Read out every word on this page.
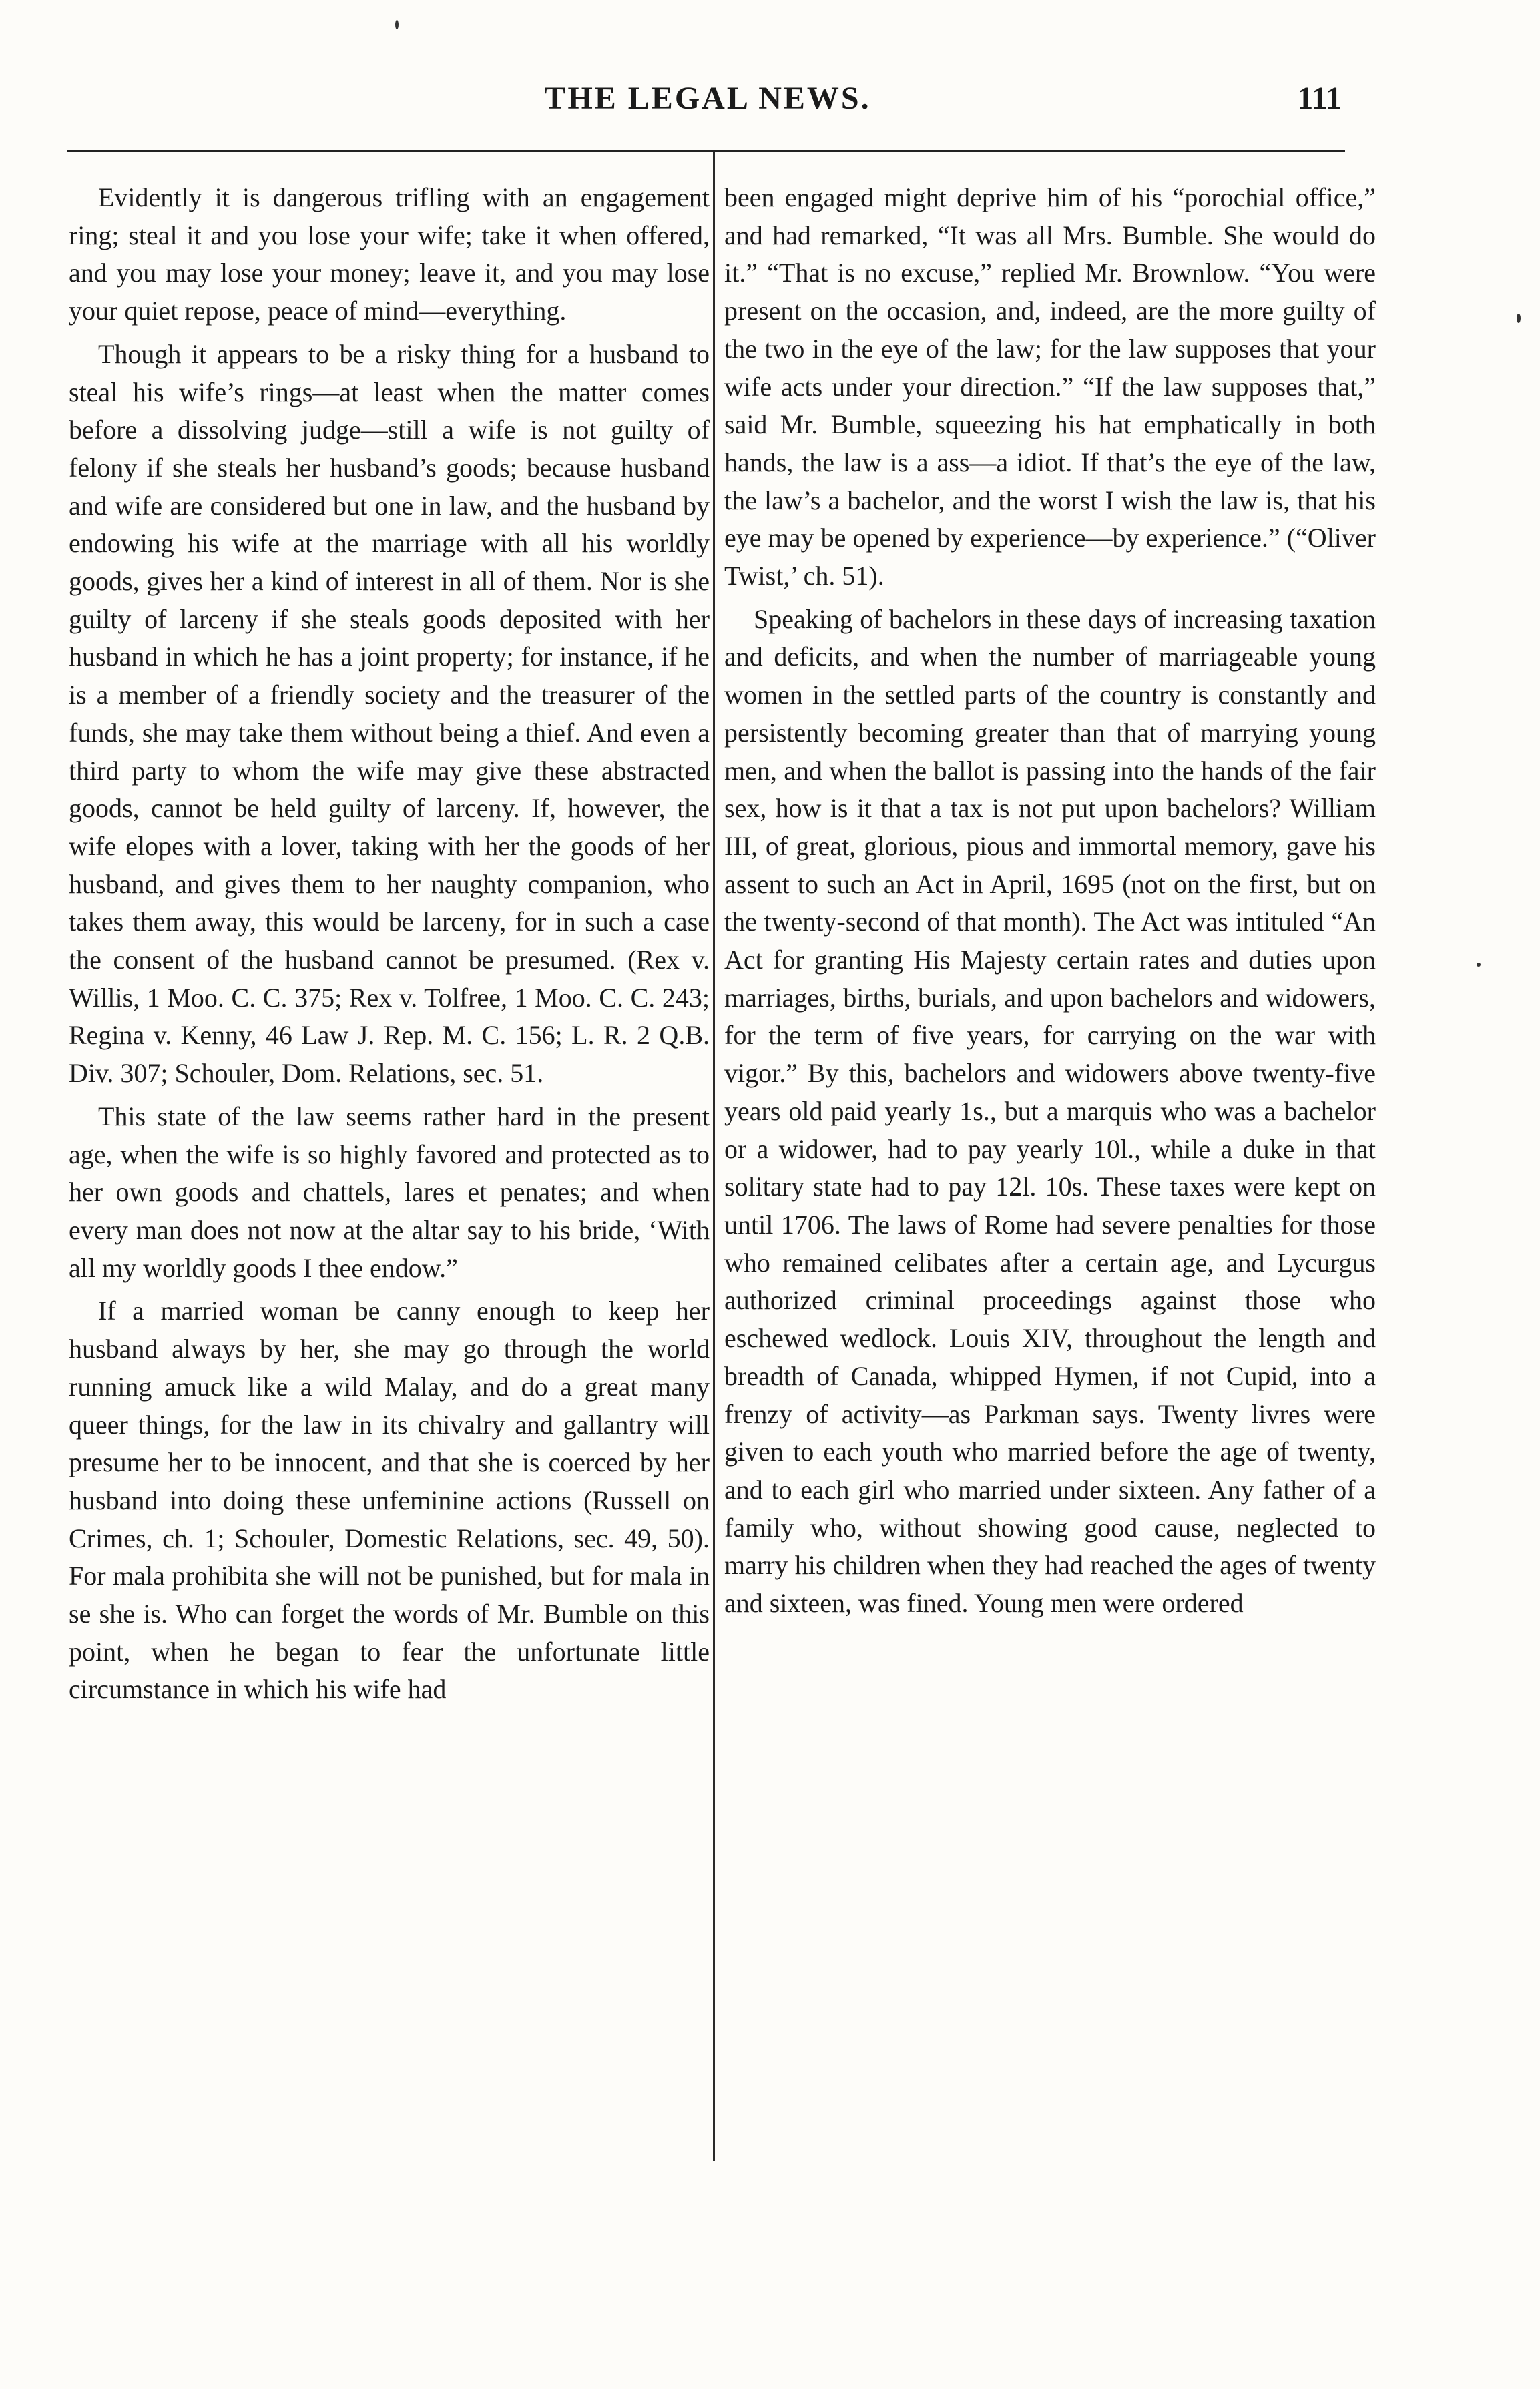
THE LEGAL NEWS.	111

Evidently it is dangerous trifling with an engagement ring; steal it and you lose your wife; take it when offered, and you may lose your money; leave it, and you may lose your quiet repose, peace of mind—everything.

Though it appears to be a risky thing for a husband to steal his wife’s rings—at least when the matter comes before a dissolving judge—still a wife is not guilty of felony if she steals her husband’s goods; because husband and wife are considered but one in law, and the husband by endowing his wife at the marriage with all his worldly goods, gives her a kind of interest in all of them. Nor is she guilty of larceny if she steals goods deposited with her husband in which he has a joint property; for instance, if he is a member of a friendly society and the treasurer of the funds, she may take them without being a thief. And even a third party to whom the wife may give these abstracted goods, cannot be held guilty of larceny. If, however, the wife elopes with a lover, taking with her the goods of her husband, and gives them to her naughty companion, who takes them away, this would be larceny, for in such a case the consent of the husband cannot be presumed. (Rex v. Willis, 1 Moo. C. C. 375; Rex v. Tolfree, 1 Moo. C. C. 243; Regina v. Kenny, 46 Law J. Rep. M. C. 156; L. R. 2 Q.B. Div. 307; Schouler, Dom. Relations, sec. 51.

This state of the law seems rather hard in the present age, when the wife is so highly favored and protected as to her own goods and chattels, lares et penates; and when every man does not now at the altar say to his bride, ‘With all my worldly goods I thee endow.”

If a married woman be canny enough to keep her husband always by her, she may go through the world running amuck like a wild Malay, and do a great many queer things, for the law in its chivalry and gallantry will presume her to be innocent, and that she is coerced by her husband into doing these unfeminine actions (Russell on Crimes, ch. 1; Schouler, Domestic Relations, sec. 49, 50). For mala prohibita she will not be punished, but for mala in se she is. Who can forget the words of Mr. Bumble on this point, when he began to fear the unfortunate little circumstance in which his wife had

been engaged might deprive him of his “porochial office,” and had remarked, “It was all Mrs. Bumble. She would do it.” “That is no excuse,” replied Mr. Brownlow. “You were present on the occasion, and, indeed, are the more guilty of the two in the eye of the law; for the law supposes that your wife acts under your direction.” “If the law supposes that,” said Mr. Bumble, squeezing his hat emphatically in both hands, the law is a ass—a idiot. If that’s the eye of the law, the law’s a bachelor, and the worst I wish the law is, that his eye may be opened by experience—by experience.” (“Oliver Twist,’ ch. 51).

Speaking of bachelors in these days of increasing taxation and deficits, and when the number of marriageable young women in the settled parts of the country is constantly and persistently becoming greater than that of marrying young men, and when the ballot is passing into the hands of the fair sex, how is it that a tax is not put upon bachelors? William III, of great, glorious, pious and immortal memory, gave his assent to such an Act in April, 1695 (not on the first, but on the twenty-second of that month). The Act was intituled “An Act for granting His Majesty certain rates and duties upon marriages, births, burials, and upon bachelors and widowers, for the term of five years, for carrying on the war with vigor.” By this, bachelors and widowers above twenty-five years old paid yearly 1s., but a marquis who was a bachelor or a widower, had to pay yearly 10l., while a duke in that solitary state had to pay 12l. 10s. These taxes were kept on until 1706. The laws of Rome had severe penalties for those who remained celibates after a certain age, and Lycurgus authorized criminal proceedings against those who eschewed wedlock. Louis XIV, throughout the length and breadth of Canada, whipped Hymen, if not Cupid, into a frenzy of activity—as Parkman says. Twenty livres were given to each youth who married before the age of twenty, and to each girl who married under sixteen. Any father of a family who, without showing good cause, neglected to marry his children when they had reached the ages of twenty and sixteen, was fined. Young men were ordered
